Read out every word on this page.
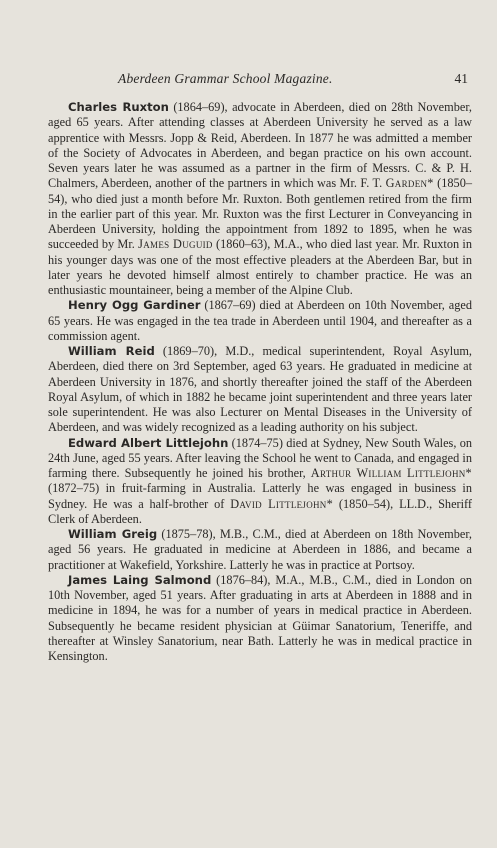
Aberdeen Grammar School Magazine.	41

Charles Ruxton (1864–69), advocate in Aberdeen, died on 28th November, aged 65 years. After attending classes at Aberdeen University he served as a law apprentice with Messrs. Jopp & Reid, Aberdeen. In 1877 he was admitted a member of the Society of Advocates in Aberdeen, and began practice on his own account. Seven years later he was assumed as a partner in the firm of Messrs. C. & P. H. Chalmers, Aberdeen, another of the partners in which was Mr. F. T. Garden* (1850–54), who died just a month before Mr. Ruxton. Both gentlemen retired from the firm in the earlier part of this year. Mr. Ruxton was the first Lecturer in Conveyancing in Aberdeen University, holding the appointment from 1892 to 1895, when he was succeeded by Mr. James Duguid (1860–63), M.A., who died last year. Mr. Ruxton in his younger days was one of the most effective pleaders at the Aberdeen Bar, but in later years he devoted himself almost entirely to chamber practice. He was an enthusiastic mountaineer, being a member of the Alpine Club.

Henry Ogg Gardiner (1867–69) died at Aberdeen on 10th November, aged 65 years. He was engaged in the tea trade in Aberdeen until 1904, and thereafter as a commission agent.

William Reid (1869–70), M.D., medical superintendent, Royal Asylum, Aberdeen, died there on 3rd September, aged 63 years. He graduated in medicine at Aberdeen University in 1876, and shortly thereafter joined the staff of the Aberdeen Royal Asylum, of which in 1882 he became joint superintendent and three years later sole superintendent. He was also Lecturer on Mental Diseases in the University of Aberdeen, and was widely recognized as a leading authority on his subject.

Edward Albert Littlejohn (1874–75) died at Sydney, New South Wales, on 24th June, aged 55 years. After leaving the School he went to Canada, and engaged in farming there. Subsequently he joined his brother, Arthur William Littlejohn* (1872–75) in fruit-farming in Australia. Latterly he was engaged in business in Sydney. He was a half-brother of David Littlejohn* (1850–54), LL.D., Sheriff Clerk of Aberdeen.

William Greig (1875–78), M.B., C.M., died at Aberdeen on 18th November, aged 56 years. He graduated in medicine at Aberdeen in 1886, and became a practitioner at Wakefield, Yorkshire. Latterly he was in practice at Portsoy.

James Laing Salmond (1876–84), M.A., M.B., C.M., died in London on 10th November, aged 51 years. After graduating in arts at Aberdeen in 1888 and in medicine in 1894, he was for a number of years in medical practice in Aberdeen. Subsequently he became resident physician at Güimar Sanatorium, Teneriffe, and thereafter at Winsley Sanatorium, near Bath. Latterly he was in medical practice in Kensington.
